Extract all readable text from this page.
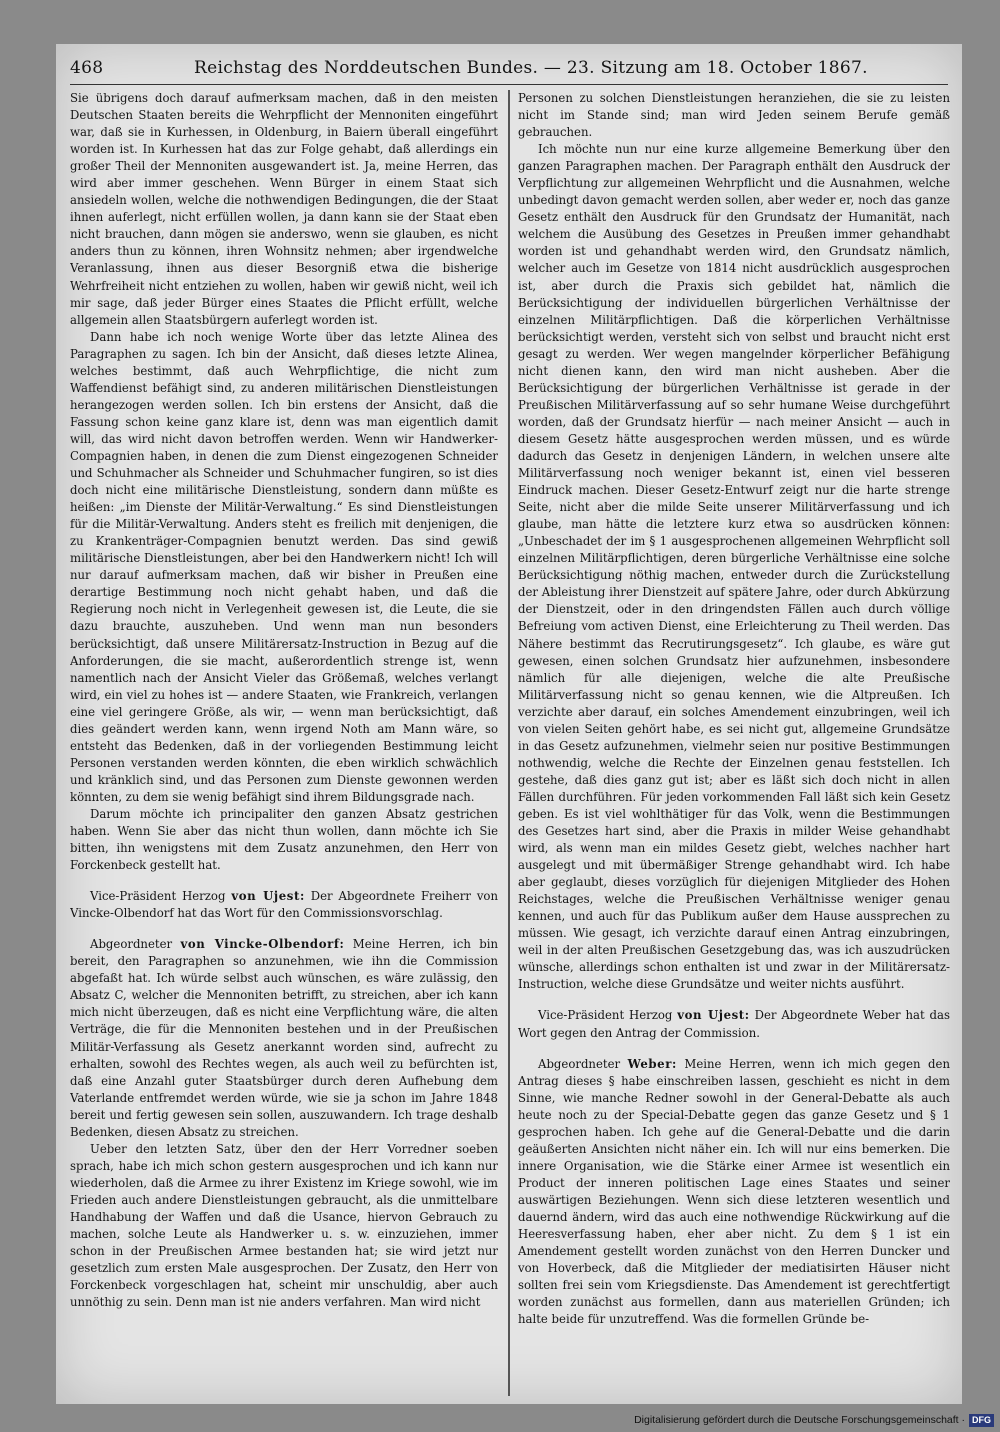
468	Reichstag des Norddeutschen Bundes. — 23. Sitzung am 18. October 1867.

Sie übrigens doch darauf aufmerksam machen, daß in den meisten Deutschen Staaten bereits die Wehrpflicht der Mennoniten eingeführt war, daß sie in Kurhessen, in Oldenburg, in Baiern überall eingeführt worden ist. In Kurhessen hat das zur Folge gehabt, daß allerdings ein großer Theil der Mennoniten ausgewandert ist. Ja, meine Herren, das wird aber immer geschehen. Wenn Bürger in einem Staat sich ansiedeln wollen, welche die nothwendigen Bedingungen, die der Staat ihnen auferlegt, nicht erfüllen wollen, ja dann kann sie der Staat eben nicht brauchen, dann mögen sie anderswo, wenn sie glauben, es nicht anders thun zu können, ihren Wohnsitz nehmen; aber irgendwelche Veranlassung, ihnen aus dieser Besorgniß etwa die bisherige Wehrfreiheit nicht entziehen zu wollen, haben wir gewiß nicht, weil ich mir sage, daß jeder Bürger eines Staates die Pflicht erfüllt, welche allgemein allen Staatsbürgern auferlegt worden ist.

Dann habe ich noch wenige Worte über das letzte Alinea des Paragraphen zu sagen. Ich bin der Ansicht, daß dieses letzte Alinea, welches bestimmt, daß auch Wehrpflichtige, die nicht zum Waffendienst befähigt sind, zu anderen militärischen Dienstleistungen herangezogen werden sollen. Ich bin erstens der Ansicht, daß die Fassung schon keine ganz klare ist, denn was man eigentlich damit will, das wird nicht davon betroffen werden. Wenn wir Handwerker-Compagnien haben, in denen die zum Dienst eingezogenen Schneider und Schuhmacher als Schneider und Schuhmacher fungiren, so ist dies doch nicht eine militärische Dienstleistung, sondern dann müßte es heißen: „im Dienste der Militär-Verwaltung.“ Es sind Dienstleistungen für die Militär-Verwaltung. Anders steht es freilich mit denjenigen, die zu Krankenträger-Compagnien benutzt werden. Das sind gewiß militärische Dienstleistungen, aber bei den Handwerkern nicht! Ich will nur darauf aufmerksam machen, daß wir bisher in Preußen eine derartige Bestimmung noch nicht gehabt haben, und daß die Regierung noch nicht in Verlegenheit gewesen ist, die Leute, die sie dazu brauchte, auszuheben. Und wenn man nun besonders berücksichtigt, daß unsere Militärersatz-Instruction in Bezug auf die Anforderungen, die sie macht, außerordentlich strenge ist, wenn namentlich nach der Ansicht Vieler das Größemaß, welches verlangt wird, ein viel zu hohes ist — andere Staaten, wie Frankreich, verlangen eine viel geringere Größe, als wir, — wenn man berücksichtigt, daß dies geändert werden kann, wenn irgend Noth am Mann wäre, so entsteht das Bedenken, daß in der vorliegenden Bestimmung leicht Personen verstanden werden könnten, die eben wirklich schwächlich und kränklich sind, und das Personen zum Dienste gewonnen werden könnten, zu dem sie wenig befähigt sind ihrem Bildungsgrade nach.

Darum möchte ich principaliter den ganzen Absatz gestrichen haben. Wenn Sie aber das nicht thun wollen, dann möchte ich Sie bitten, ihn wenigstens mit dem Zusatz anzunehmen, den Herr von Forckenbeck gestellt hat.

Vice-Präsident Herzog von Ujest: Der Abgeordnete Freiherr von Vincke-Olbendorf hat das Wort für den Commissionsvorschlag.

Abgeordneter von Vincke-Olbendorf: Meine Herren, ich bin bereit, den Paragraphen so anzunehmen, wie ihn die Commission abgefaßt hat. Ich würde selbst auch wünschen, es wäre zulässig, den Absatz C, welcher die Mennoniten betrifft, zu streichen, aber ich kann mich nicht überzeugen, daß es nicht eine Verpflichtung wäre, die alten Verträge, die für die Mennoniten bestehen und in der Preußischen Militär-Verfassung als Gesetz anerkannt worden sind, aufrecht zu erhalten, sowohl des Rechtes wegen, als auch weil zu befürchten ist, daß eine Anzahl guter Staatsbürger durch deren Aufhebung dem Vaterlande entfremdet werden würde, wie sie ja schon im Jahre 1848 bereit und fertig gewesen sein sollen, auszuwandern. Ich trage deshalb Bedenken, diesen Absatz zu streichen.

Ueber den letzten Satz, über den der Herr Vorredner soeben sprach, habe ich mich schon gestern ausgesprochen und ich kann nur wiederholen, daß die Armee zu ihrer Existenz im Kriege sowohl, wie im Frieden auch andere Dienstleistungen gebraucht, als die unmittelbare Handhabung der Waffen und daß die Usance, hiervon Gebrauch zu machen, solche Leute als Handwerker u. s. w. einzuziehen, immer schon in der Preußischen Armee bestanden hat; sie wird jetzt nur gesetzlich zum ersten Male ausgesprochen. Der Zusatz, den Herr von Forckenbeck vorgeschlagen hat, scheint mir unschuldig, aber auch unnöthig zu sein. Denn man ist nie anders verfahren. Man wird nicht

Personen zu solchen Dienstleistungen heranziehen, die sie zu leisten nicht im Stande sind; man wird Jeden seinem Berufe gemäß gebrauchen.

Ich möchte nun nur eine kurze allgemeine Bemerkung über den ganzen Paragraphen machen. Der Paragraph enthält den Ausdruck der Verpflichtung zur allgemeinen Wehrpflicht und die Ausnahmen, welche unbedingt davon gemacht werden sollen, aber weder er, noch das ganze Gesetz enthält den Ausdruck für den Grundsatz der Humanität, nach welchem die Ausübung des Gesetzes in Preußen immer gehandhabt worden ist und gehandhabt werden wird, den Grundsatz nämlich, welcher auch im Gesetze von 1814 nicht ausdrücklich ausgesprochen ist, aber durch die Praxis sich gebildet hat, nämlich die Berücksichtigung der individuellen bürgerlichen Verhältnisse der einzelnen Militärpflichtigen. Daß die körperlichen Verhältnisse berücksichtigt werden, versteht sich von selbst und braucht nicht erst gesagt zu werden. Wer wegen mangelnder körperlicher Befähigung nicht dienen kann, den wird man nicht ausheben. Aber die Berücksichtigung der bürgerlichen Verhältnisse ist gerade in der Preußischen Militärverfassung auf so sehr humane Weise durchgeführt worden, daß der Grundsatz hierfür — nach meiner Ansicht — auch in diesem Gesetz hätte ausgesprochen werden müssen, und es würde dadurch das Gesetz in denjenigen Ländern, in welchen unsere alte Militärverfassung noch weniger bekannt ist, einen viel besseren Eindruck machen. Dieser Gesetz-Entwurf zeigt nur die harte strenge Seite, nicht aber die milde Seite unserer Militärverfassung und ich glaube, man hätte die letztere kurz etwa so ausdrücken können: „Unbeschadet der im § 1 ausgesprochenen allgemeinen Wehrpflicht soll einzelnen Militärpflichtigen, deren bürgerliche Verhältnisse eine solche Berücksichtigung nöthig machen, entweder durch die Zurückstellung der Ableistung ihrer Dienstzeit auf spätere Jahre, oder durch Abkürzung der Dienstzeit, oder in den dringendsten Fällen auch durch völlige Befreiung vom activen Dienst, eine Erleichterung zu Theil werden. Das Nähere bestimmt das Recrutirungsgesetz“. Ich glaube, es wäre gut gewesen, einen solchen Grundsatz hier aufzunehmen, insbesondere nämlich für alle diejenigen, welche die alte Preußische Militärverfassung nicht so genau kennen, wie die Altpreußen. Ich verzichte aber darauf, ein solches Amendement einzubringen, weil ich von vielen Seiten gehört habe, es sei nicht gut, allgemeine Grundsätze in das Gesetz aufzunehmen, vielmehr seien nur positive Bestimmungen nothwendig, welche die Rechte der Einzelnen genau feststellen. Ich gestehe, daß dies ganz gut ist; aber es läßt sich doch nicht in allen Fällen durchführen. Für jeden vorkommenden Fall läßt sich kein Gesetz geben. Es ist viel wohlthätiger für das Volk, wenn die Bestimmungen des Gesetzes hart sind, aber die Praxis in milder Weise gehandhabt wird, als wenn man ein mildes Gesetz giebt, welches nachher hart ausgelegt und mit übermäßiger Strenge gehandhabt wird. Ich habe aber geglaubt, dieses vorzüglich für diejenigen Mitglieder des Hohen Reichstages, welche die Preußischen Verhältnisse weniger genau kennen, und auch für das Publikum außer dem Hause aussprechen zu müssen. Wie gesagt, ich verzichte darauf einen Antrag einzubringen, weil in der alten Preußischen Gesetzgebung das, was ich auszudrücken wünsche, allerdings schon enthalten ist und zwar in der Militärersatz-Instruction, welche diese Grundsätze und weiter nichts ausführt.

Vice-Präsident Herzog von Ujest: Der Abgeordnete Weber hat das Wort gegen den Antrag der Commission.

Abgeordneter Weber: Meine Herren, wenn ich mich gegen den Antrag dieses § habe einschreiben lassen, geschieht es nicht in dem Sinne, wie manche Redner sowohl in der General-Debatte als auch heute noch zu der Special-Debatte gegen das ganze Gesetz und § 1 gesprochen haben. Ich gehe auf die General-Debatte und die darin geäußerten Ansichten nicht näher ein. Ich will nur eins bemerken. Die innere Organisation, wie die Stärke einer Armee ist wesentlich ein Product der inneren politischen Lage eines Staates und seiner auswärtigen Beziehungen. Wenn sich diese letzteren wesentlich und dauernd ändern, wird das auch eine nothwendige Rückwirkung auf die Heeresverfassung haben, eher aber nicht. Zu dem § 1 ist ein Amendement gestellt worden zunächst von den Herren Duncker und von Hoverbeck, daß die Mitglieder der mediatisirten Häuser nicht sollten frei sein vom Kriegsdienste. Das Amendement ist gerechtfertigt worden zunächst aus formellen, dann aus materiellen Gründen; ich halte beide für unzutreffend. Was die formellen Gründe be-

Digitalisierung gefördert durch die Deutsche Forschungsgemeinschaft · DFG
